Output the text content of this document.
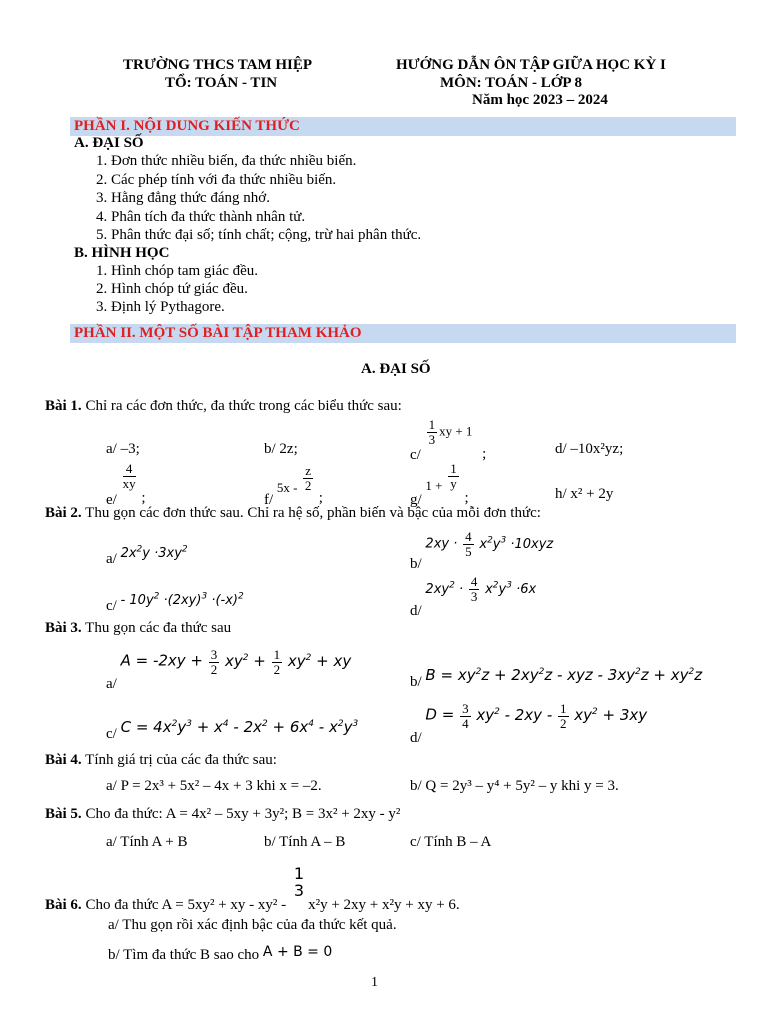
TRƯỜNG THCS TAM HIỆP
TỔ: TOÁN - TIN
HƯỚNG DẪN ÔN TẬP GIỮA HỌC KỲ I
MÔN: TOÁN - LỚP 8
Năm học 2023 – 2024
PHẦN I. NỘI DUNG KIẾN THỨC
A. ĐẠI SỐ
1. Đơn thức nhiều biến, đa thức nhiều biến.
2. Các phép tính với đa thức nhiều biến.
3. Hằng đẳng thức đáng nhớ.
4. Phân tích đa thức thành nhân tử.
5. Phân thức đại số; tính chất; cộng, trừ hai phân thức.
B. HÌNH HỌC
1. Hình chóp tam giác đều.
2. Hình chóp tứ giác đều.
3. Định lý Pythagore.
PHẦN II. MỘT SỐ BÀI TẬP THAM KHẢO
A. ĐẠI SỐ
Bài 1. Chỉ ra các đơn thức, đa thức trong các biểu thức sau:
a/ –3;	b/ 2z;	c/
$\frac{1}{3}$ xy + 1 ;	d/ –10x²yz;
e/
$\frac{4}{xy}$
;	f/ $5x - \frac{z}{2}$
;	g/ $1 + \frac{1}{y}$
;	h/ x² + 2y
Bài 2. Thu gọn các đơn thức sau. Chỉ ra hệ số, phần biến và bậc của mỗi đơn thức:
a/ $2x^2y \cdot 3xy^2$
b/ $2xy \cdot \frac{4}{5} x^2y^3 \cdot 10xyz$
$c/ - 10y^2 \cdot(2xy)^3 \cdot(-x)^2$
d/ $2xy^2 \cdot \frac{4}{3} x^2y^3 \cdot 6x$
Bài 3. Thu gọn các đa thức sau
a/ $A = -2xy + \frac{3}{2} xy^2 + \frac{1}{2} xy^2$ + xy
b/ $B = xy^2z + 2xy^2z$ - xyz - $3xy^2z + xy^2z$
c/ $C = 4x^2y^3 + x^4 - 2x^2 + 6x^4 - x^2y^3$
d/ $D = \frac{3}{4} xy^2 - 2xy - \frac{1}{2} xy^2 + 3xy$
Bài 4. Tính giá trị của các đa thức sau:
a/ P = 2x³ + 5x² – 4x + 3 khi x = –2.	b/ Q = 2y³ – y⁴ + 5y² – y khi y = 3.
Bài 5. Cho đa thức: A = 4x² – 5xy + 3y²; B = 3x² + 2xy - y²
a/ Tính A + B	b/ Tính A – B	c/ Tính B – A
Bài 6. Cho đa thức A = 5xy² + xy - xy² -
1
3
x²y + 2xy + x²y + xy + 6.
a/ Thu gọn rồi xác định bậc của đa thức kết quả.
b/ Tìm đa thức B sao cho A + B = 0
1
